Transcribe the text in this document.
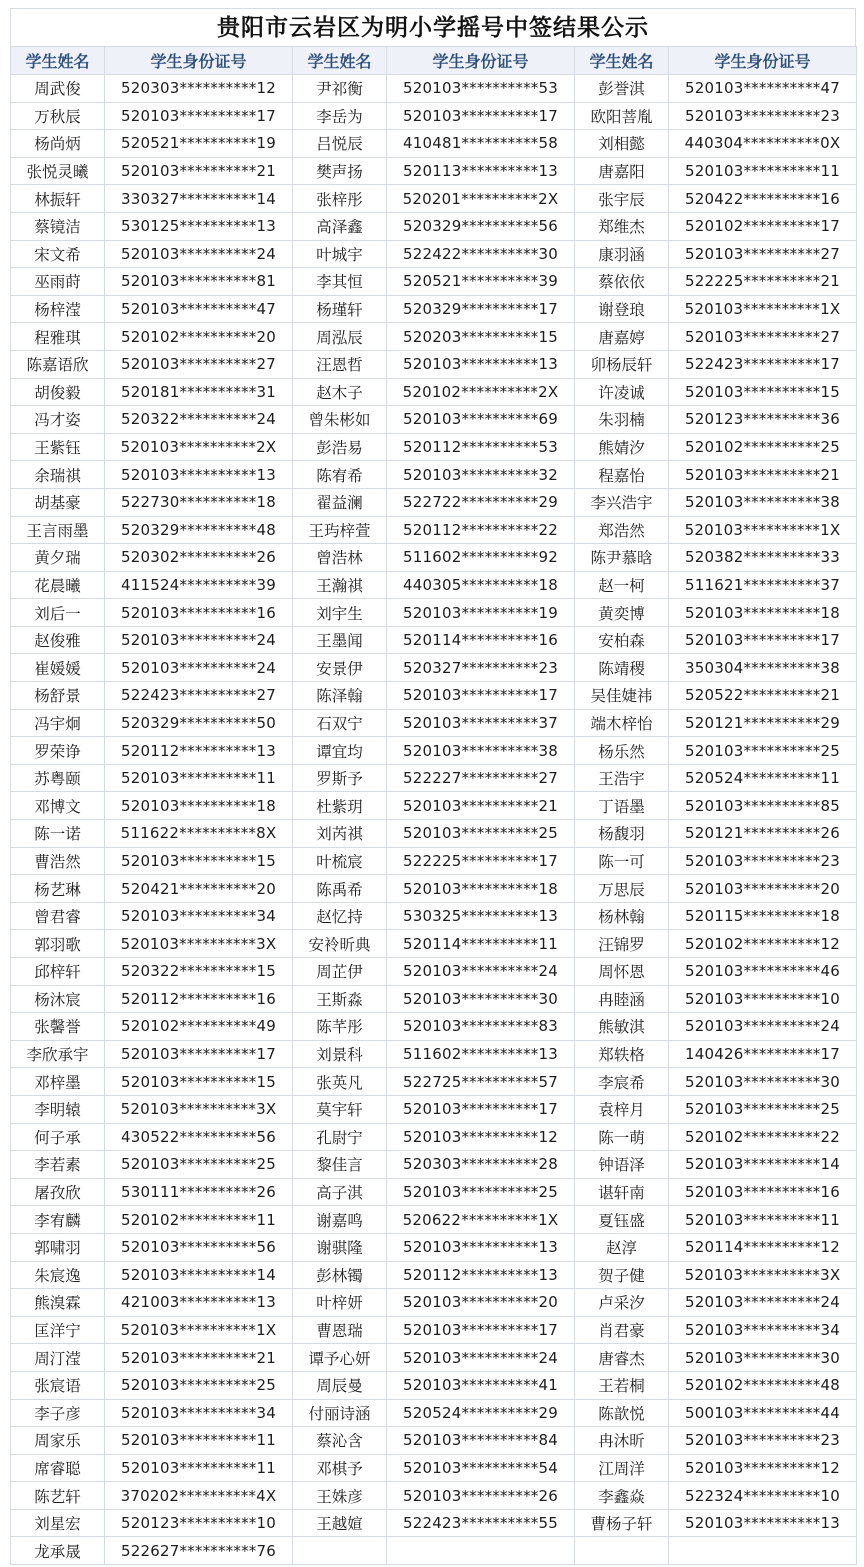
贵阳市云岩区为明小学摇号中签结果公示
学生姓名	学生身份证号	学生姓名	学生身份证号	学生姓名	学生身份证号
周武俊	520303**********12	尹祁衡	520103**********53	彭誉淇	520103**********47
万秋辰	520103**********17	李岳为	520103**********17	欧阳菩胤	520103**********23
杨尚炳	520521**********19	吕悦辰	410481**********58	刘相懿	440304**********0X
张悦灵曦	520103**********21	樊声扬	520113**********13	唐嘉阳	520103**********11
林振轩	330327**********14	张梓彤	520201**********2X	张宇辰	520422**********16
蔡镜洁	530125**********13	高泽鑫	520329**********56	郑维杰	520102**********17
宋文希	520103**********24	叶城宇	522422**********30	康羽涵	520103**********27
巫雨莳	520103**********81	李其恒	520521**********39	蔡依依	522225**********21
杨梓滢	520103**********47	杨瑾轩	520329**********17	谢登琅	520103**********1X
程雅琪	520102**********20	周泓辰	520203**********15	唐嘉婷	520103**********27
陈嘉语欣	520103**********27	汪恩哲	520103**********13	卯杨辰轩	522423**********17
胡俊毅	520181**********31	赵木子	520102**********2X	许凌诚	520103**********15
冯才姿	520322**********24	曾朱彬如	520103**********69	朱羽楠	520123**********36
王紫钰	520103**********2X	彭浩易	520112**********53	熊婧汐	520102**********25
余瑞祺	520103**********13	陈宥希	520103**********32	程嘉怡	520103**********21
胡基豪	522730**********18	翟益澜	522722**********29	李兴浩宇	520103**********38
王言雨墨	520329**********48	王玙梓萱	520112**********22	郑浩然	520103**********1X
黄夕瑞	520302**********26	曾浩林	511602**********92	陈尹慕晗	520382**********33
花晨曦	411524**********39	王瀚祺	440305**********18	赵一柯	511621**********37
刘后一	520103**********16	刘宇生	520103**********19	黄奕博	520103**********18
赵俊雅	520103**********24	王墨闻	520114**********16	安柏森	520103**********17
崔媛媛	520103**********24	安景伊	520327**********23	陈靖稷	350304**********38
杨舒景	522423**********27	陈泽翰	520103**********17	吴佳婕祎	520522**********21
冯宇炯	520329**********50	石双宁	520103**********37	端木梓怡	520121**********29
罗荣诤	520112**********13	谭宜均	520103**********38	杨乐然	520103**********25
苏粤颐	520103**********11	罗斯予	522227**********27	王浩宇	520524**********11
邓博文	520103**********18	杜紫玥	520103**********21	丁语墨	520103**********85
陈一诺	511622**********8X	刘芮祺	520103**********25	杨馥羽	520121**********26
曹浩然	520103**********15	叶梳宸	522225**********17	陈一可	520103**********23
杨艺琳	520421**********20	陈禹希	520103**********18	万思辰	520103**********20
曾君睿	520103**********34	赵忆持	530325**********13	杨林翰	520115**********18
郭羽歌	520103**********3X	安袊昕典	520114**********11	汪锦罗	520102**********12
邱梓轩	520322**********15	周芷伊	520103**********24	周怀恩	520103**********46
杨沐宸	520112**********16	王斯淼	520103**********30	冉睦涵	520103**********10
张馨誉	520102**********49	陈芊彤	520103**********83	熊敏淇	520103**********24
李欣承宇	520103**********17	刘景科	511602**********13	郑轶格	140426**********17
邓梓墨	520103**********15	张英凡	522725**********57	李宸希	520103**********30
李明辕	520103**********3X	莫宇轩	520103**********17	袁梓月	520103**********25
何子承	430522**********56	孔尉宁	520103**********12	陈一萌	520102**********22
李若素	520103**********25	黎佳言	520303**********28	钟语泽	520103**********14
屠孜欣	530111**********26	高子淇	520103**********25	谌轩南	520103**********16
李宥麟	520102**********11	谢嘉鸣	520622**********1X	夏钰盛	520103**********11
郭啸羽	520103**********56	谢骐隆	520103**********13	赵淳	520114**********12
朱宸逸	520103**********14	彭林镯	520112**********13	贺子健	520103**********3X
熊溴霖	421003**********13	叶梓妍	520103**********20	卢采汐	520103**********24
匡洋宁	520103**********1X	曹恩瑞	520103**********17	肖君豪	520103**********34
周汀滢	520103**********21	谭予心妍	520103**********24	唐睿杰	520103**********30
张宸语	520103**********25	周辰曼	520103**********41	王若桐	520102**********48
李子彦	520103**********34	付丽诗涵	520524**********29	陈歆悦	500103**********44
周家乐	520103**********11	蔡沁含	520103**********84	冉沐昕	520103**********23
席睿聪	520103**********11	邓棋予	520103**********54	江周洋	520103**********12
陈艺轩	370202**********4X	王姝彦	520103**********26	李鑫焱	522324**********10
刘星宏	520123**********10	王越媗	522423**********55	曹杨子轩	520103**********13
龙承晟	522627**********76				
